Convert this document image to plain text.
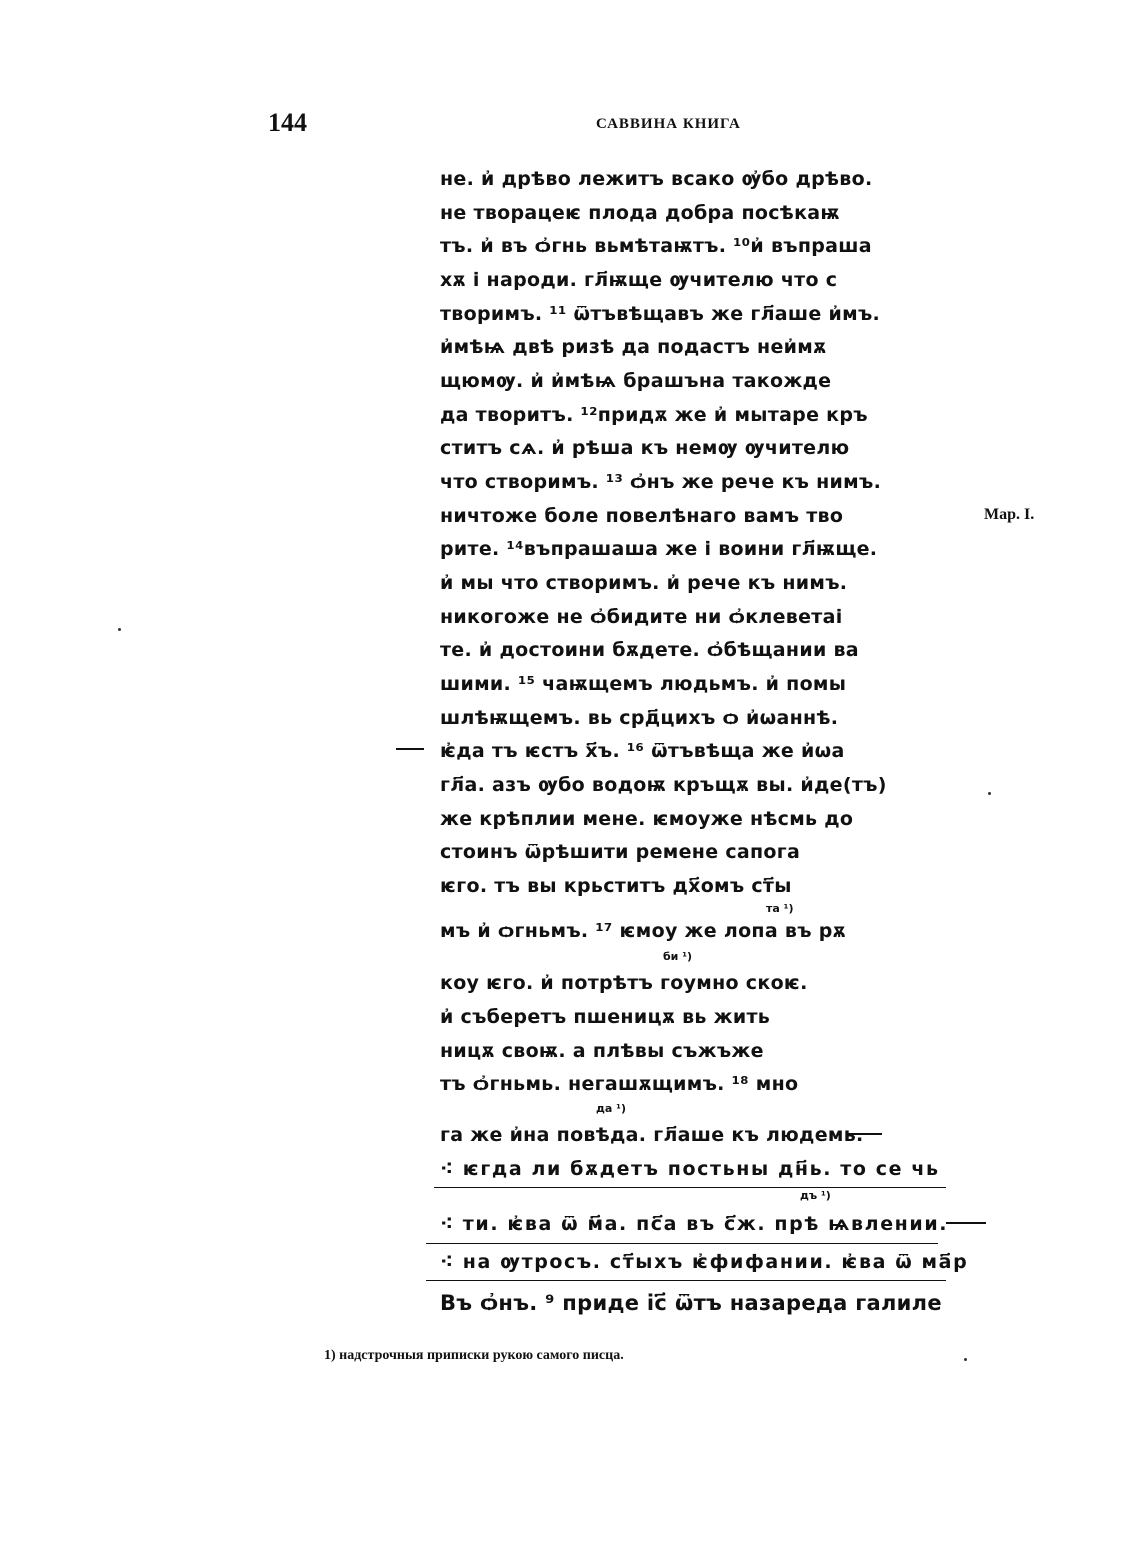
144	САВВИНА КНИГА
не. и҆ дрѣво лежитъ всако ѹ҆бо дрѣво.
не творацеѥ плода добра посѣкаѭ
тъ. и҆ въ ѻ҆гнь вьмѣтаѭтъ. ¹⁰и҆ въпраша
хѫ і народи. гл҃ѭще ѹчителю что с
творимъ. ¹¹ ѿтъвѣщавъ же гл҃аше и҆мъ.
и҆мѣѩ двѣ ризѣ да подастъ неи҆мѫ
щюмѹ. и҆ и҆мѣѩ брашъна такожде
да творитъ. ¹²придѫ же и҆ мытаре кръ
ститъ сѧ. и҆ рѣша къ немѹ ѹчителю
что створимъ. ¹³ ѻ҆нъ же рече къ нимъ.
ничтоже боле повелѣнаго вамъ тво
рите. ¹⁴въпрашаша же і воини гл҃ѭще.
и҆ мы что створимъ. и҆ рече къ нимъ.
никогоже не ѻ҆бидите ни ѻ҆клеветаі
те. и҆ достоини бѫдете. ѻ҆бѣщании ва
шими. ¹⁵ чаѭщемъ людьмъ. и҆ помы
шлѣѭщемъ. вь срд҃цихъ ѻ и҆ѡаннѣ.
ѥ҆да тъ ѥстъ х҃ъ. ¹⁶ ѿтъвѣща же и҆ѡа
гл҃а. азъ ѹбо водоѭ кръщѫ вы. и҆де(тъ)
же крѣплии мене. ѥмоуже нѣсмь до
стоинъ ѿрѣшити ремене сапога
ѥго. тъ вы крьститъ дх҃омъ ст҃ы
та ¹)
мъ и҆ ѻгньмъ. ¹⁷ ѥмоу же лопа въ рѫ
би ¹)
коу ѥго. и҆ потрѣтъ гоумно скоѥ.
и҆ съберетъ пшеницѫ вь жить
ницѫ своѭ. а плѣвы съжъже
тъ ѻ҆гньмь. негашѫщимъ. ¹⁸ мно
да ¹)
га же и҆на повѣда. гл҃аше къ людемь.
⁖ ѥгда ли бѫдетъ постьны дн҃ь. то се чь
дъ ¹)
⁖ ти. ѥ҆ва ѿ м҃а. пс҃а въ с҃ж. прѣ ѩвлении.
⁖ на ѹтросъ. ст҃ыхъ ѥ҆фифании. ѥ҆ва ѿ ма҃р
Въ ѻ҆нъ. ⁹ приде ic҃ ѿтъ назареда галиле
Мар. I.
1) надстрочныя приписки рукою самого писца.
